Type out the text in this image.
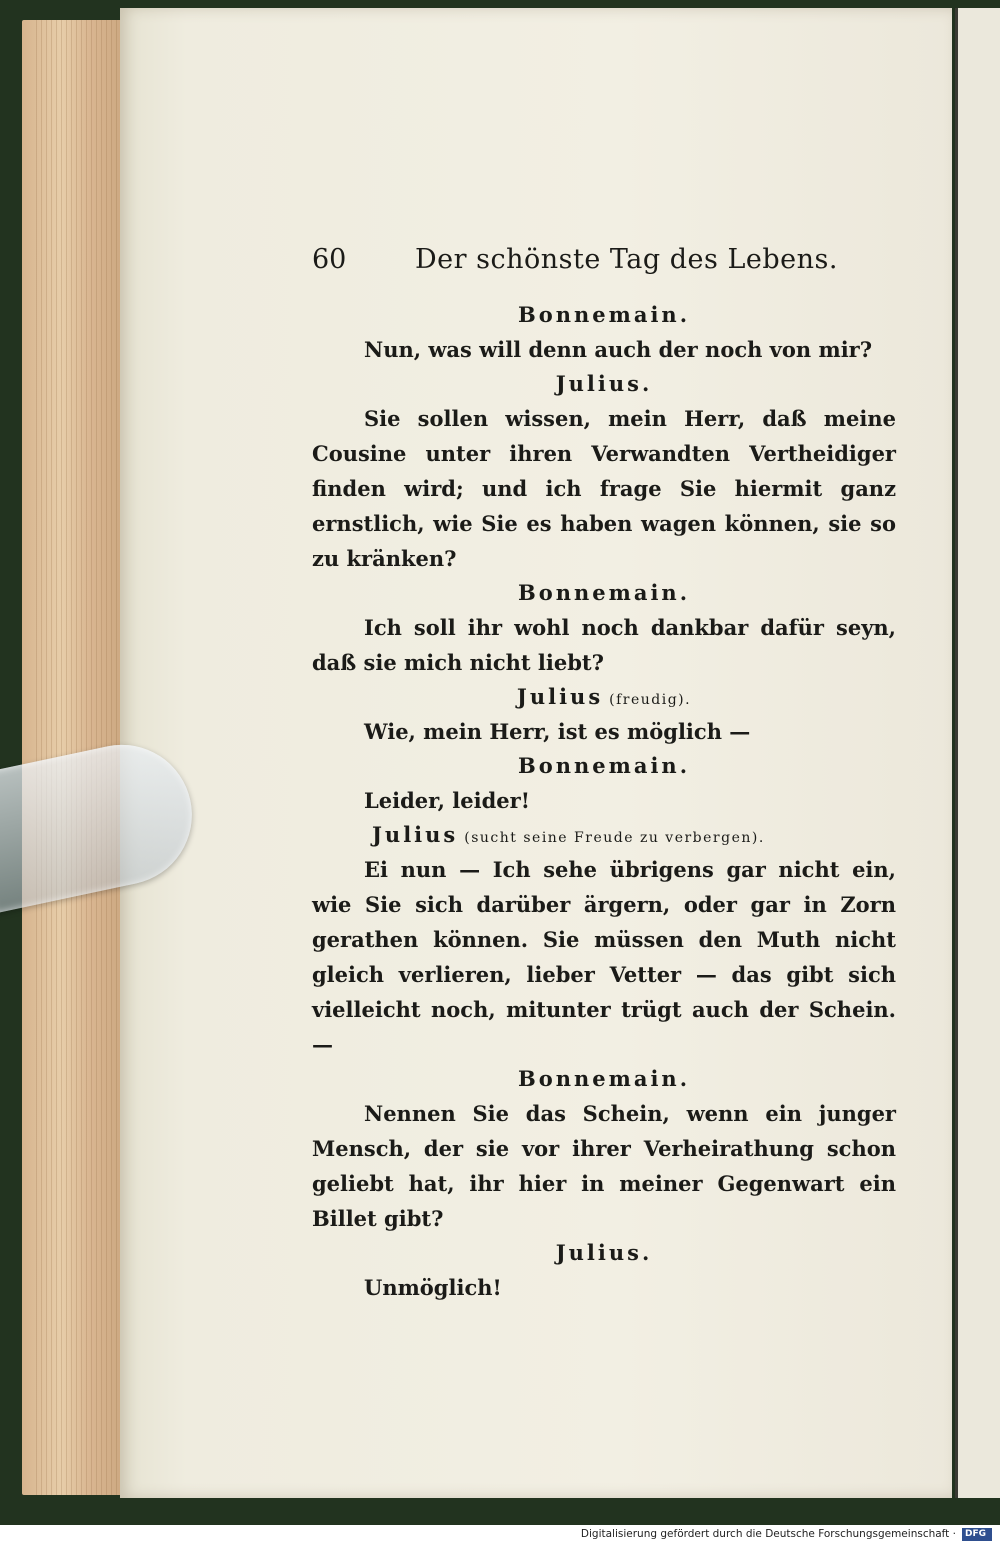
60	Der schönste Tag des Lebens.
Bonnemain.

Nun, was will denn auch der noch von mir?

Julius.

Sie sollen wissen, mein Herr, daß meine Cousine unter ihren Verwandten Vertheidiger finden wird; und ich frage Sie hiermit ganz ernstlich, wie Sie es haben wagen können, sie so zu kränken?

Bonnemain.

Ich soll ihr wohl noch dankbar dafür seyn, daß sie mich nicht liebt?

Julius (freudig).

Wie, mein Herr, ist es möglich —

Bonnemain.

Leider, leider!

Julius (sucht seine Freude zu verbergen).

Ei nun — Ich sehe übrigens gar nicht ein, wie Sie sich darüber ärgern, oder gar in Zorn gerathen können. Sie müssen den Muth nicht gleich verlieren, lieber Vetter — das gibt sich vielleicht noch, mitunter trügt auch der Schein. —

Bonnemain.

Nennen Sie das Schein, wenn ein junger Mensch, der sie vor ihrer Verheirathung schon geliebt hat, ihr hier in meiner Gegenwart ein Billet gibt?

Julius.

Unmöglich!

Digitalisierung gefördert durch die Deutsche Forschungsgemeinschaft · DFG
